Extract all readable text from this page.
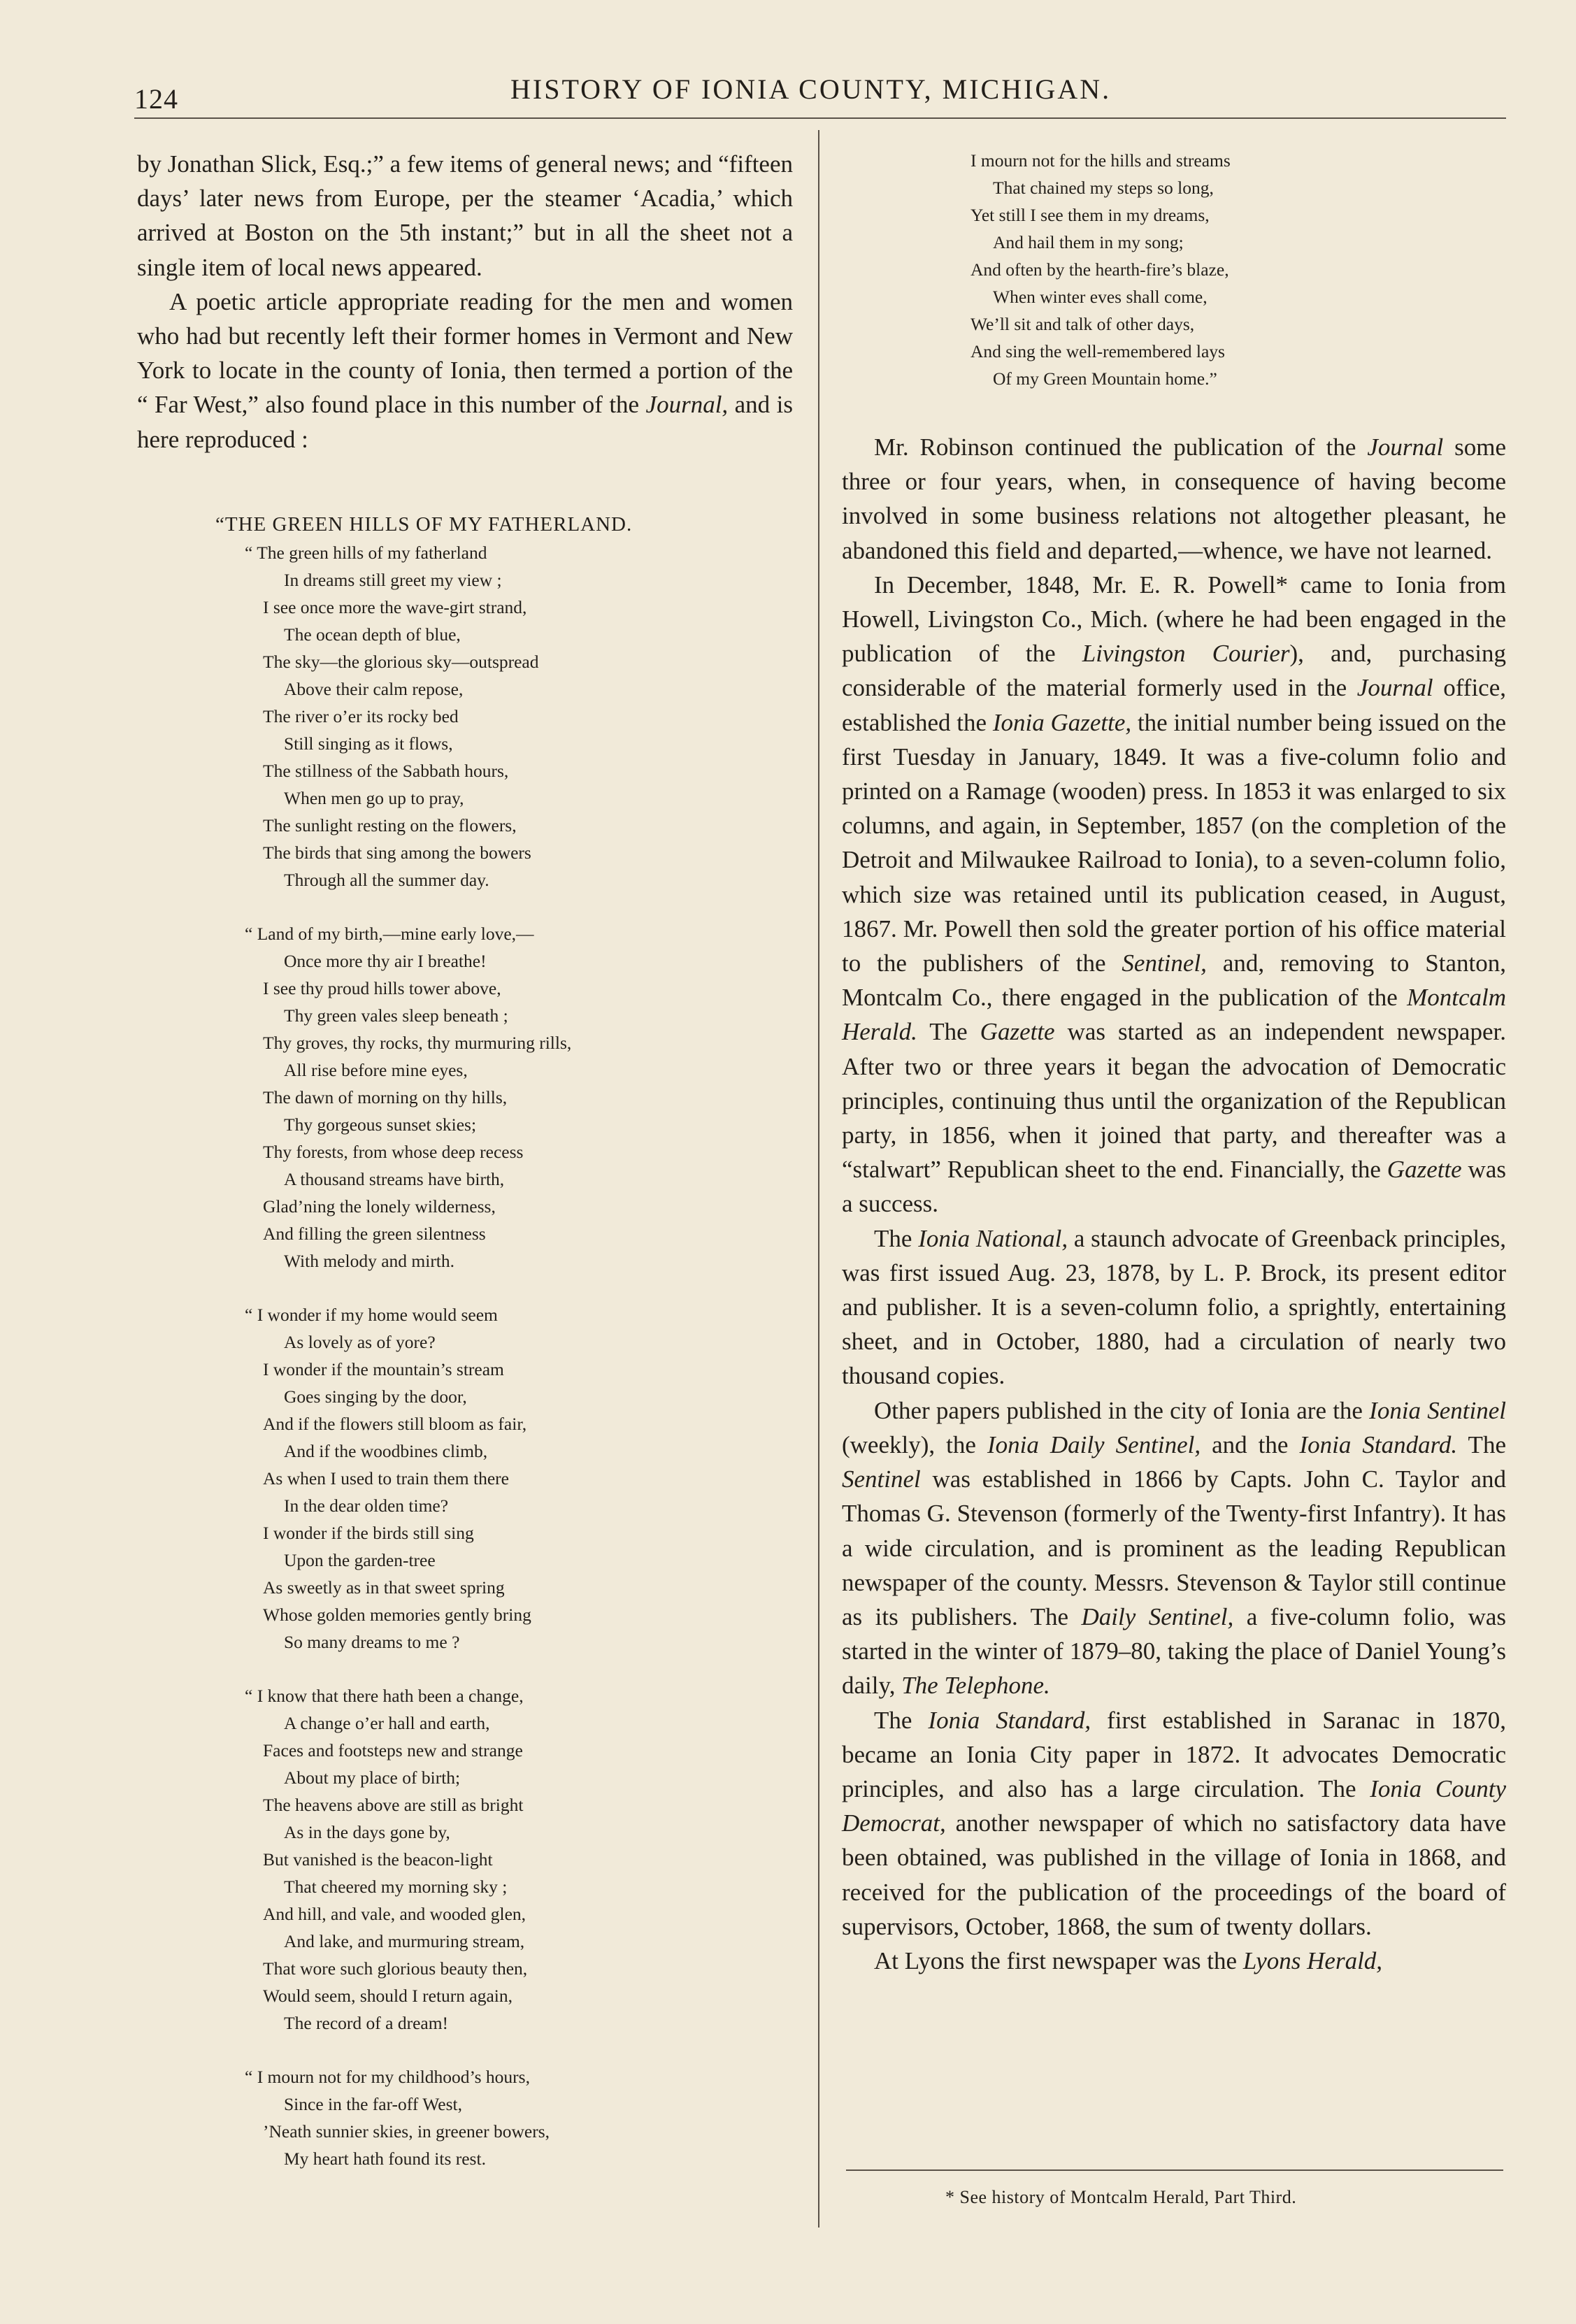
124	HISTORY OF IONIA COUNTY, MICHIGAN.

by Jonathan Slick, Esq.;” a few items of general news; and “fifteen days’ later news from Europe, per the steamer ‘Acadia,’ which arrived at Boston on the 5th instant;” but in all the sheet not a single item of local news appeared.

A poetic article appropriate reading for the men and women who had but recently left their former homes in Vermont and New York to locate in the county of Ionia, then termed a portion of the “ Far West,” also found place in this number of the Journal, and is here reproduced :

“THE GREEN HILLS OF MY FATHERLAND.
“ The green hills of my fatherland
In dreams still greet my view ;
I see once more the wave-girt strand,
The ocean depth of blue,
The sky—the glorious sky—outspread
Above their calm repose,
The river o’er its rocky bed
Still singing as it flows,
The stillness of the Sabbath hours,
When men go up to pray,
The sunlight resting on the flowers,
The birds that sing among the bowers
Through all the summer day.
“ Land of my birth,—mine early love,—
Once more thy air I breathe!
I see thy proud hills tower above,
Thy green vales sleep beneath ;
Thy groves, thy rocks, thy murmuring rills,
All rise before mine eyes,
The dawn of morning on thy hills,
Thy gorgeous sunset skies;
Thy forests, from whose deep recess
A thousand streams have birth,
Glad’ning the lonely wilderness,
And filling the green silentness
With melody and mirth.
“ I wonder if my home would seem
As lovely as of yore?
I wonder if the mountain’s stream
Goes singing by the door,
And if the flowers still bloom as fair,
And if the woodbines climb,
As when I used to train them there
In the dear olden time?
I wonder if the birds still sing
Upon the garden-tree
As sweetly as in that sweet spring
Whose golden memories gently bring
So many dreams to me ?
“ I know that there hath been a change,
A change o’er hall and earth,
Faces and footsteps new and strange
About my place of birth;
The heavens above are still as bright
As in the days gone by,
But vanished is the beacon-light
That cheered my morning sky ;
And hill, and vale, and wooded glen,
And lake, and murmuring stream,
That wore such glorious beauty then,
Would seem, should I return again,
The record of a dream!
“ I mourn not for my childhood’s hours,
Since in the far-off West,
’Neath sunnier skies, in greener bowers,
My heart hath found its rest.
I mourn not for the hills and streams
That chained my steps so long,
Yet still I see them in my dreams,
And hail them in my song;
And often by the hearth-fire’s blaze,
When winter eves shall come,
We’ll sit and talk of other days,
And sing the well-remembered lays
Of my Green Mountain home.”

Mr. Robinson continued the publication of the Journal some three or four years, when, in consequence of having become involved in some business relations not altogether pleasant, he abandoned this field and departed,—whence, we have not learned.

In December, 1848, Mr. E. R. Powell* came to Ionia from Howell, Livingston Co., Mich. (where he had been engaged in the publication of the Livingston Courier), and, purchasing considerable of the material formerly used in the Journal office, established the Ionia Gazette, the initial number being issued on the first Tuesday in January, 1849. It was a five-column folio and printed on a Ramage (wooden) press. In 1853 it was enlarged to six columns, and again, in September, 1857 (on the completion of the Detroit and Milwaukee Railroad to Ionia), to a seven-column folio, which size was retained until its publication ceased, in August, 1867. Mr. Powell then sold the greater portion of his office material to the publishers of the Sentinel, and, removing to Stanton, Montcalm Co., there engaged in the publication of the Montcalm Herald. The Gazette was started as an independent newspaper. After two or three years it began the advocation of Democratic principles, continuing thus until the organization of the Republican party, in 1856, when it joined that party, and thereafter was a “stalwart” Republican sheet to the end. Financially, the Gazette was a success.

The Ionia National, a staunch advocate of Greenback principles, was first issued Aug. 23, 1878, by L. P. Brock, its present editor and publisher. It is a seven-column folio, a sprightly, entertaining sheet, and in October, 1880, had a circulation of nearly two thousand copies.

Other papers published in the city of Ionia are the Ionia Sentinel (weekly), the Ionia Daily Sentinel, and the Ionia Standard. The Sentinel was established in 1866 by Capts. John C. Taylor and Thomas G. Stevenson (formerly of the Twenty-first Infantry). It has a wide circulation, and is prominent as the leading Republican newspaper of the county. Messrs. Stevenson & Taylor still continue as its publishers. The Daily Sentinel, a five-column folio, was started in the winter of 1879–80, taking the place of Daniel Young’s daily, The Telephone.

The Ionia Standard, first established in Saranac in 1870, became an Ionia City paper in 1872. It advocates Democratic principles, and also has a large circulation. The Ionia County Democrat, another newspaper of which no satisfactory data have been obtained, was published in the village of Ionia in 1868, and received for the publication of the proceedings of the board of supervisors, October, 1868, the sum of twenty dollars.

At Lyons the first newspaper was the Lyons Herald,

* See history of Montcalm Herald, Part Third.
